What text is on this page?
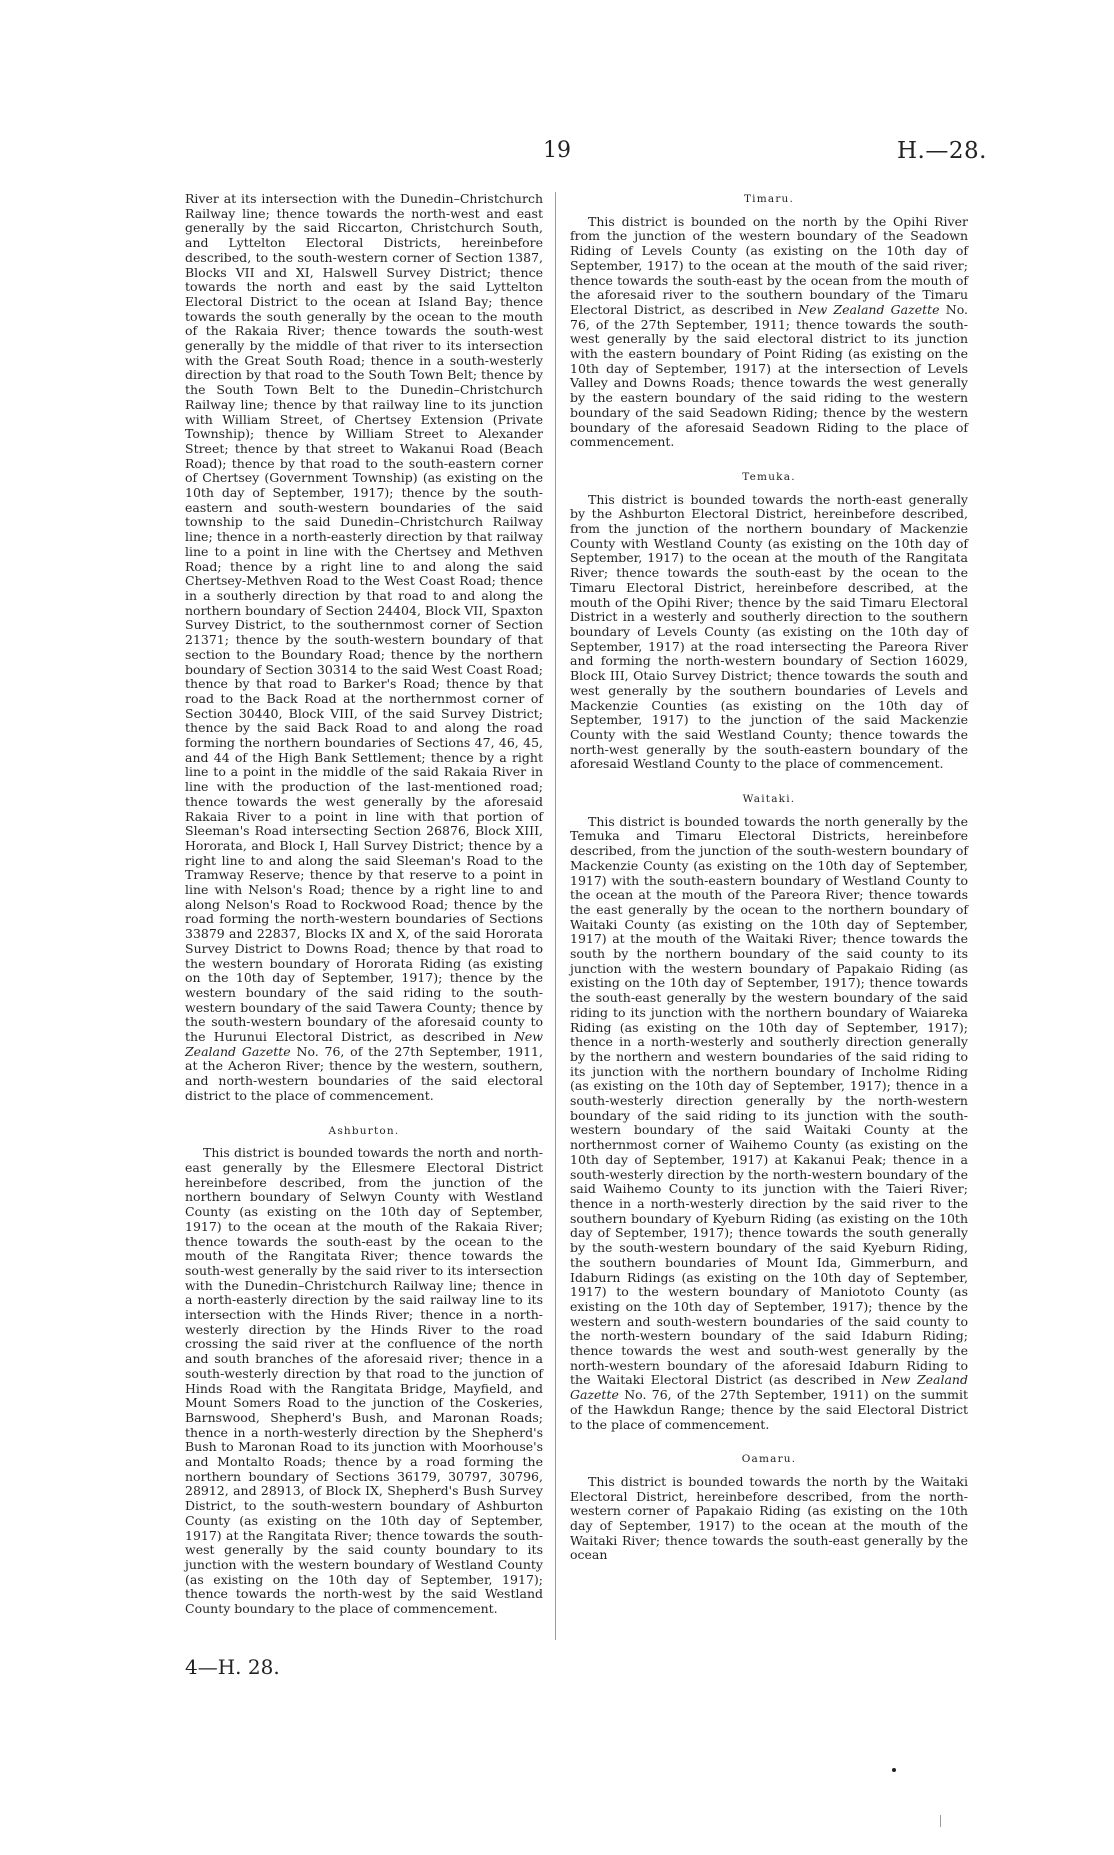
19	H.—28.

River at its intersection with the Dunedin–Christchurch Railway line; thence towards the north-west and east generally by the said Riccarton, Christchurch South, and Lyttelton Electoral Districts, hereinbefore described, to the south-western corner of Section 1387, Blocks VII and XI, Halswell Survey District; thence towards the north and east by the said Lyttelton Electoral District to the ocean at Island Bay; thence towards the south generally by the ocean to the mouth of the Rakaia River; thence towards the south-west generally by the middle of that river to its intersection with the Great South Road; thence in a south-westerly direction by that road to the South Town Belt; thence by the South Town Belt to the Dunedin–Christchurch Railway line; thence by that railway line to its junction with William Street, of Chertsey Extension (Private Township); thence by William Street to Alexander Street; thence by that street to Wakanui Road (Beach Road); thence by that road to the south-eastern corner of Chertsey (Government Township) (as existing on the 10th day of September, 1917); thence by the south-eastern and south-western boundaries of the said township to the said Dunedin–Christchurch Railway line; thence in a north-easterly direction by that railway line to a point in line with the Chertsey and Methven Road; thence by a right line to and along the said Chertsey-Methven Road to the West Coast Road; thence in a southerly direction by that road to and along the northern boundary of Section 24404, Block VII, Spaxton Survey District, to the southernmost corner of Section 21371; thence by the south-western boundary of that section to the Boundary Road; thence by the northern boundary of Section 30314 to the said West Coast Road; thence by that road to Barker's Road; thence by that road to the Back Road at the northernmost corner of Section 30440, Block VIII, of the said Survey District; thence by the said Back Road to and along the road forming the northern boundaries of Sections 47, 46, 45, and 44 of the High Bank Settlement; thence by a right line to a point in the middle of the said Rakaia River in line with the production of the last-mentioned road; thence towards the west generally by the aforesaid Rakaia River to a point in line with that portion of Sleeman's Road intersecting Section 26876, Block XIII, Hororata, and Block I, Hall Survey District; thence by a right line to and along the said Sleeman's Road to the Tramway Reserve; thence by that reserve to a point in line with Nelson's Road; thence by a right line to and along Nelson's Road to Rockwood Road; thence by the road forming the north-western boundaries of Sections 33879 and 22837, Blocks IX and X, of the said Hororata Survey District to Downs Road; thence by that road to the western boundary of Hororata Riding (as existing on the 10th day of September, 1917); thence by the western boundary of the said riding to the south-western boundary of the said Tawera County; thence by the south-western boundary of the aforesaid county to the Hurunui Electoral District, as described in New Zealand Gazette No. 76, of the 27th September, 1911, at the Acheron River; thence by the western, southern, and north-western boundaries of the said electoral district to the place of commencement.

Ashburton.

This district is bounded towards the north and north-east generally by the Ellesmere Electoral District hereinbefore described, from the junction of the northern boundary of Selwyn County with Westland County (as existing on the 10th day of September, 1917) to the ocean at the mouth of the Rakaia River; thence towards the south-east by the ocean to the mouth of the Rangitata River; thence towards the south-west generally by the said river to its intersection with the Dunedin–Christchurch Railway line; thence in a north-easterly direction by the said railway line to its intersection with the Hinds River; thence in a north-westerly direction by the Hinds River to the road crossing the said river at the confluence of the north and south branches of the aforesaid river; thence in a south-westerly direction by that road to the junction of Hinds Road with the Rangitata Bridge, Mayfield, and Mount Somers Road to the junction of the Coskeries, Barnswood, Shepherd's Bush, and Maronan Roads; thence in a north-westerly direction by the Shepherd's Bush to Maronan Road to its junction with Moorhouse's and Montalto Roads; thence by a road forming the northern boundary of Sections 36179, 30797, 30796, 28912, and 28913, of Block IX, Shepherd's Bush Survey District, to the south-western boundary of Ashburton County (as existing on the 10th day of September, 1917) at the Rangitata River; thence towards the south-west generally by the said county boundary to its junction with the western boundary of Westland County (as existing on the 10th day of September, 1917); thence towards the north-west by the said Westland County boundary to the place of commencement.

Timaru.

This district is bounded on the north by the Opihi River from the junction of the western boundary of the Seadown Riding of Levels County (as existing on the 10th day of September, 1917) to the ocean at the mouth of the said river; thence towards the south-east by the ocean from the mouth of the aforesaid river to the southern boundary of the Timaru Electoral District, as described in New Zealand Gazette No. 76, of the 27th September, 1911; thence towards the south-west generally by the said electoral district to its junction with the eastern boundary of Point Riding (as existing on the 10th day of September, 1917) at the intersection of Levels Valley and Downs Roads; thence towards the west generally by the eastern boundary of the said riding to the western boundary of the said Seadown Riding; thence by the western boundary of the aforesaid Seadown Riding to the place of commencement.

Temuka.

This district is bounded towards the north-east generally by the Ashburton Electoral District, hereinbefore described, from the junction of the northern boundary of Mackenzie County with Westland County (as existing on the 10th day of September, 1917) to the ocean at the mouth of the Rangitata River; thence towards the south-east by the ocean to the Timaru Electoral District, hereinbefore described, at the mouth of the Opihi River; thence by the said Timaru Electoral District in a westerly and southerly direction to the southern boundary of Levels County (as existing on the 10th day of September, 1917) at the road intersecting the Pareora River and forming the north-western boundary of Section 16029, Block III, Otaio Survey District; thence towards the south and west generally by the southern boundaries of Levels and Mackenzie Counties (as existing on the 10th day of September, 1917) to the junction of the said Mackenzie County with the said Westland County; thence towards the north-west generally by the south-eastern boundary of the aforesaid Westland County to the place of commencement.

Waitaki.

This district is bounded towards the north generally by the Temuka and Timaru Electoral Districts, hereinbefore described, from the junction of the south-western boundary of Mackenzie County (as existing on the 10th day of September, 1917) with the south-eastern boundary of Westland County to the ocean at the mouth of the Pareora River; thence towards the east generally by the ocean to the northern boundary of Waitaki County (as existing on the 10th day of September, 1917) at the mouth of the Waitaki River; thence towards the south by the northern boundary of the said county to its junction with the western boundary of Papakaio Riding (as existing on the 10th day of September, 1917); thence towards the south-east generally by the western boundary of the said riding to its junction with the northern boundary of Waiareka Riding (as existing on the 10th day of September, 1917); thence in a north-westerly and southerly direction generally by the northern and western boundaries of the said riding to its junction with the northern boundary of Incholme Riding (as existing on the 10th day of September, 1917); thence in a south-westerly direction generally by the north-western boundary of the said riding to its junction with the south-western boundary of the said Waitaki County at the northernmost corner of Waihemo County (as existing on the 10th day of September, 1917) at Kakanui Peak; thence in a south-westerly direction by the north-western boundary of the said Waihemo County to its junction with the Taieri River; thence in a north-westerly direction by the said river to the southern boundary of Kyeburn Riding (as existing on the 10th day of September, 1917); thence towards the south generally by the south-western boundary of the said Kyeburn Riding, the southern boundaries of Mount Ida, Gimmerburn, and Idaburn Ridings (as existing on the 10th day of September, 1917) to the western boundary of Maniototo County (as existing on the 10th day of September, 1917); thence by the western and south-western boundaries of the said county to the north-western boundary of the said Idaburn Riding; thence towards the west and south-west generally by the north-western boundary of the aforesaid Idaburn Riding to the Waitaki Electoral District (as described in New Zealand Gazette No. 76, of the 27th September, 1911) on the summit of the Hawkdun Range; thence by the said Electoral District to the place of commencement.

Oamaru.

This district is bounded towards the north by the Waitaki Electoral District, hereinbefore described, from the north-western corner of Papakaio Riding (as existing on the 10th day of September, 1917) to the ocean at the mouth of the Waitaki River; thence towards the south-east generally by the ocean

4—H. 28.
